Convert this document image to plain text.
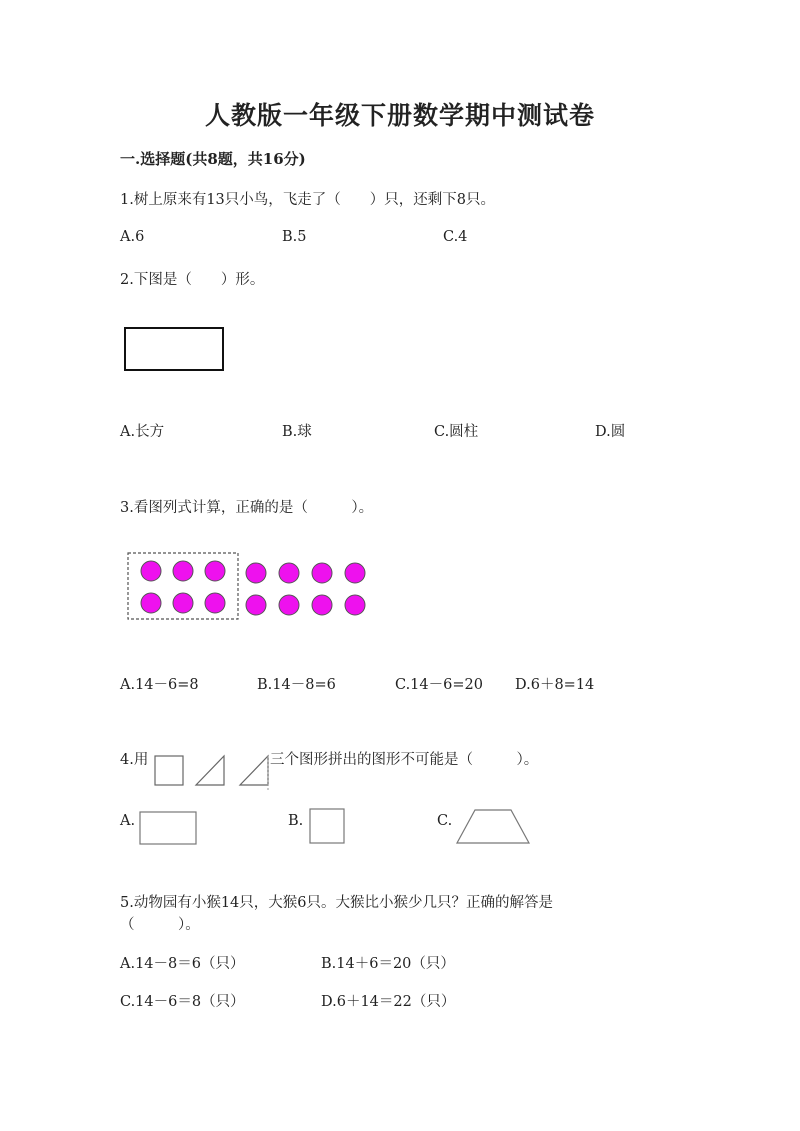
人教版一年级下册数学期中测试卷
一.选择题(共8题，共16分)
1.树上原来有13只小鸟，飞走了（　　）只，还剩下8只。
A.6	B.5	C.4
2.下图是（　　）形。
A.长方	B.球	C.圆柱	D.圆
3.看图列式计算，正确的是（　　　）。
A.14－6=8	B.14－8=6	C.14－6=20 D.6＋8=14
4.用	三个图形拼出的图形不可能是（　　　）。
A.	B.	C.
5.动物园有小猴14只，大猴6只。大猴比小猴少几只？正确的解答是
（　　　）。
A.14－8＝6（只）	B.14＋6＝20（只）
C.14－6＝8（只）	D.6＋14＝22（只）
